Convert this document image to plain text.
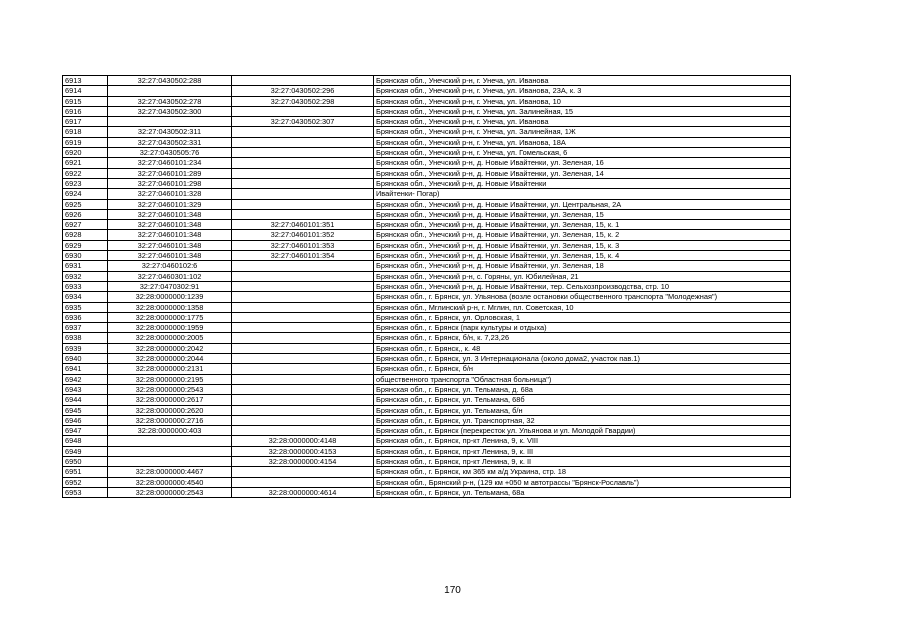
6913	32:27:0430502:288		Брянская обл., Унечский р-н, г. Унеча, ул. Иванова
6914		32:27:0430502:296	Брянская обл., Унечский р-н, г. Унеча, ул. Иванова, 23А, к. 3
6915	32:27:0430502:278	32:27:0430502:298	Брянская обл., Унечский р-н, г. Унеча, ул. Иванова, 10
6916	32:27:0430502:300		Брянская обл., Унечский р-н, г. Унеча, ул. Залинейная, 15
6917		32:27:0430502:307	Брянская обл., Унечский р-н, г. Унеча, ул. Иванова
6918	32:27:0430502:311		Брянская обл., Унечский р-н, г. Унеча, ул. Залинейная, 1Ж
6919	32:27:0430502:331		Брянская обл., Унечский р-н, г. Унеча, ул. Иванова, 18А
6920	32:27:0430505:76		Брянская обл., Унечский р-н, г. Унеча, ул. Гомельская, 6
6921	32:27:0460101:234		Брянская обл., Унечский р-н, д. Новые Ивайтенки, ул. Зеленая, 16
6922	32:27:0460101:289		Брянская обл., Унечский р-н, д. Новые Ивайтенки, ул. Зеленая, 14
6923	32:27:0460101:298		Брянская обл., Унечский р-н, д. Новые Ивайтенки
6924	32:27:0460101:328		Ивайтенки- Погар)
6925	32:27:0460101:329		Брянская обл., Унечский р-н, д. Новые Ивайтенки, ул. Центральная, 2А
6926	32:27:0460101:348		Брянская обл., Унечский р-н, д. Новые Ивайтенки, ул. Зеленая, 15
6927	32:27:0460101:348	32:27:0460101:351	Брянская обл., Унечский р-н, д. Новые Ивайтенки, ул. Зеленая, 15, к. 1
6928	32:27:0460101:348	32:27:0460101:352	Брянская обл., Унечский р-н, д. Новые Ивайтенки, ул. Зеленая, 15, к. 2
6929	32:27:0460101:348	32:27:0460101:353	Брянская обл., Унечский р-н, д. Новые Ивайтенки, ул. Зеленая, 15, к. 3
6930	32:27:0460101:348	32:27:0460101:354	Брянская обл., Унечский р-н, д. Новые Ивайтенки, ул. Зеленая, 15, к. 4
6931	32:27:0460102:6		Брянская обл., Унечский р-н, д. Новые Ивайтенки, ул. Зеленая, 18
6932	32:27:0460301:102		Брянская обл., Унечский р-н, с. Горяны, ул. Юбилейная, 21
6933	32:27:0470302:91		Брянская обл., Унечский р-н, д. Новые Ивайтенки, тер. Сельхозпроизводства, стр. 10
6934	32:28:0000000:1239		Брянская обл., г. Брянск, ул. Ульянова (возле остановки общественного транспорта "Молодежная")
6935	32:28:0000000:1358		Брянская обл., Мглинский р-н, г. Мглин, пл. Советская, 10
6936	32:28:0000000:1775		Брянская обл., г. Брянск, ул. Орловская, 1
6937	32:28:0000000:1959		Брянская обл., г. Брянск (парк культуры и отдыха)
6938	32:28:0000000:2005		Брянская обл., г. Брянск, б/н, к. 7,23,26
6939	32:28:0000000:2042		Брянская обл., г. Брянск,, к. 48
6940	32:28:0000000:2044		Брянская обл., г. Брянск, ул. 3 Интернационала (около дома2, участок пав.1)
6941	32:28:0000000:2131		Брянская обл., г. Брянск, б/н
6942	32:28:0000000:2195		общественного транспорта "Областная больница")
6943	32:28:0000000:2543		Брянская обл., г. Брянск, ул. Тельмана, д. 68а
6944	32:28:0000000:2617		Брянская обл., г. Брянск, ул. Тельмана, 68б
6945	32:28:0000000:2620		Брянская обл., г. Брянск, ул. Тельмана, б/н
6946	32:28:0000000:2716		Брянская обл., г. Брянск, ул. Транспортная, 32
6947	32:28:0000000:403		Брянская обл., г. Брянск (перекресток ул. Ульянова и ул. Молодой Гвардии)
6948		32:28:0000000:4148	Брянская обл., г. Брянск, пр-кт Ленина, 9, к. VIII
6949		32:28:0000000:4153	Брянская обл., г. Брянск, пр-кт Ленина, 9, к. III
6950		32:28:0000000:4154	Брянская обл., г. Брянск, пр-кт Ленина, 9, к. II
6951	32:28:0000000:4467		Брянская обл., г. Брянск, км 365 км а/д Украина, стр. 18
6952	32:28:0000000:4540		Брянская обл., Брянский р-н, (129 км +050 м автотрассы "Брянск-Рославль")
6953	32:28:0000000:2543	32:28:0000000:4614	Брянская обл., г. Брянск, ул. Тельмана, 68а
170
